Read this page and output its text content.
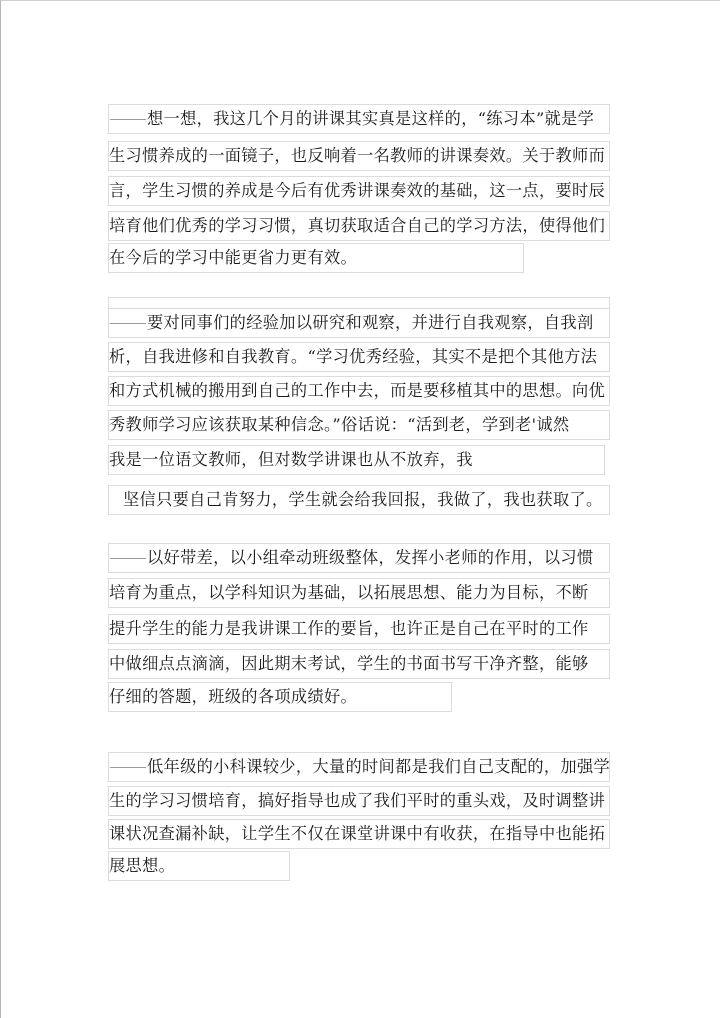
想一想，我这几个月的讲课其实真是这样的，“练习本”就是学
生习惯养成的一面镜子，也反响着一名教师的讲课奏效。关于教师而
言，学生习惯的养成是今后有优秀讲课奏效的基础，这一点，要时辰
培育他们优秀的学习习惯，真切获取适合自己的学习方法，使得他们
在今后的学习中能更省力更有效。
要对同事们的经验加以研究和观察，并进行自我观察，自我剖
析，自我进修和自我教育。“学习优秀经验，其实不是把个其他方法
和方式机械的搬用到自己的工作中去，而是要移植其中的思想。向优
秀教师学习应该获取某种信念。”俗话说：“活到老，学到老'诚然
我是一位语文教师，但对数学讲课也从不放弃，我
坚信只要自己肯努力，学生就会给我回报，我做了，我也获取了。
以好带差，以小组牵动班级整体，发挥小老师的作用，以习惯
培育为重点，以学科知识为基础，以拓展思想、能力为目标，不断
提升学生的能力是我讲课工作的要旨，也许正是自己在平时的工作
中做细点点滴滴，因此期末考试，学生的书面书写干净齐整，能够
仔细的答题，班级的各项成绩好。
低年级的小科课较少，大量的时间都是我们自己支配的，加强学
生的学习习惯培育，搞好指导也成了我们平时的重头戏，及时调整讲
课状况查漏补缺，让学生不仅在课堂讲课中有收获，在指导中也能拓
展思想。
